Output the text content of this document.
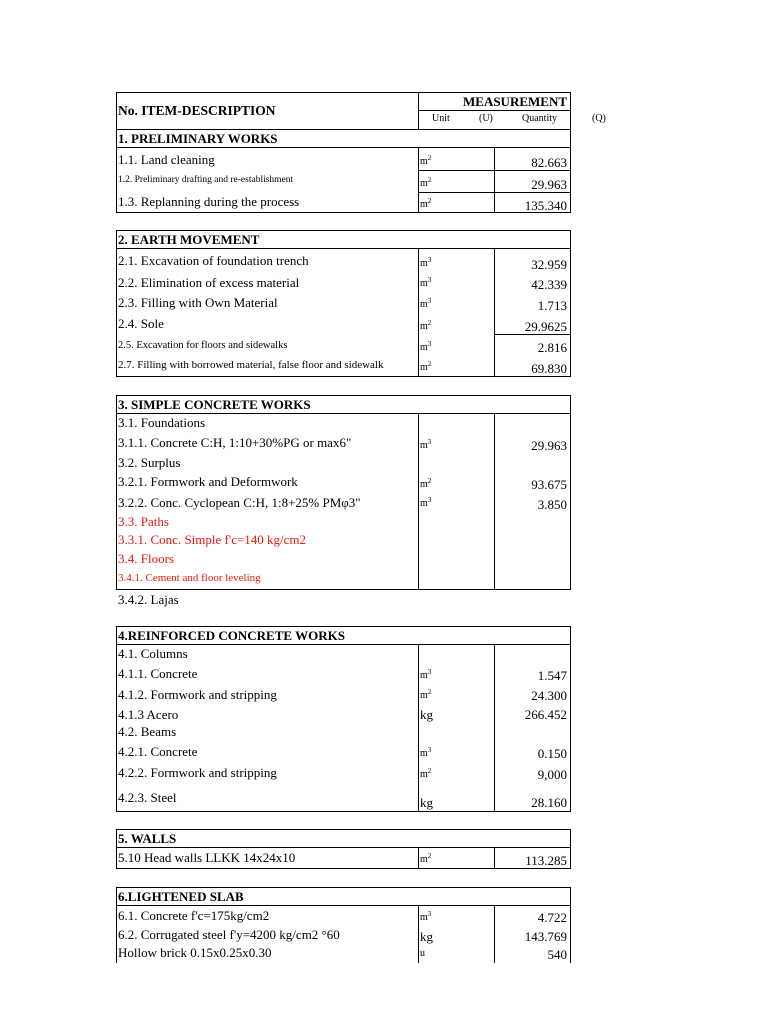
No. ITEM-DESCRIPTION
MEASUREMENT
Unit	(U)	Quantity	(Q)
1. PRELIMINARY WORKS
1.1. Land cleaning	$m^2$	82.663
1.2. Preliminary drafting and re-establishment	$m^2$	29.963
1.3. Replanning during the process	$m^2$	135.340
2. EARTH MOVEMENT
2.1. Excavation of foundation trench	$m^3$	32.959
2.2. Elimination of excess material	$m^3$	42.339
2.3. Filling with Own Material	$m^3$	1.713
2.4. Sole	$m^2$	29.9625
2.5. Excavation for floors and sidewalks	$m^3$	2.816
2.7. Filling with borrowed material, false floor and sidewalk	$m^2$	69.830
3. SIMPLE CONCRETE WORKS
3.1. Foundations
3.1.1. Concrete C:H, 1:10+30%PG or max6"	$m^3$	29.963
3.2. Surplus
3.2.1. Formwork and Deformwork	$m^2$	93.675
3.2.2. Conc. Cyclopean C:H, 1:8+25% PMφ3"	$m^3$	3.850
3.3. Paths
3.3.1. Conc. Simple f'c=140 kg/cm2
3.4. Floors
3.4.1. Cement and floor leveling
3.4.2. Lajas
4.REINFORCED CONCRETE WORKS
4.1. Columns
4.1.1. Concrete	$m^3$	1.547
4.1.2. Formwork and stripping	$m^2$	24.300
4.1.3 Acero	kg	266.452
4.2. Beams
4.2.1. Concrete	$m^3$	0.150
4.2.2. Formwork and stripping	$m^2$	9,000
4.2.3. Steel	kg	28.160
5. WALLS
5.10 Head walls LLKK 14x24x10	$m^2$	113.285
6.LIGHTENED SLAB
6.1. Concrete f'c=175kg/cm2	$m^3$	4.722
6.2. Corrugated steel f'y=4200 kg/cm2 °60	kg	143.769
Hollow brick 0.15x0.25x0.30	u	540
